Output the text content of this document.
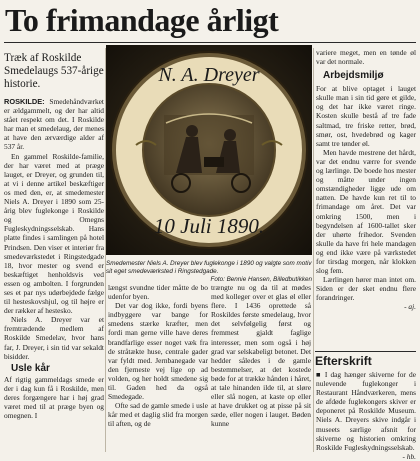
To frimandage årligt
Træk af Roskilde Smedelaugs 537-årige historie.

ROSKILDE: Smedehåndværket er ældgammelt, og der har altid stået respekt om det. I Roskilde har man et smedelaug, der menes at have den ærværdige alder af 537 år.

En gammel Roskilde-familie, der har været med at præge lauget, er Dreyer, og grunden til, at vi i denne artikel beskæftiger os med den, er, at smedemester Niels A. Dreyer i 1890 som 25-årig blev fuglekonge i Roskilde og Omegns Fugleskydningsselskab. Hans platte findes i samlingen på hotel Prindsen. Den viser et interiør fra smedeværkstedet i Ringstedgade 18, hvor mester og svend er beskæftiget henholdsvis ved essen og ambolten. I forgrunden ses et par nys udørbejdede fælge til hesteskovshjul, og til højre er der rækker af hestesko.

Niels A. Dreyer var et fremtrædende medlem af Roskilde Smedelav, hvor hans far, J. Dreyer, i sin tid var sekaldt bisidder.

Usle kår

Af rigtig gammeldags smede er der i dag kun få i Roskilde, men deres forgængere har i høj grad været med til at præge byen og omegnen. I

N. A. Dreyer
10 Juli 1890.
Smedemester Niels A. Dreyer blev fuglekonge i 1890 og valgte som motiv sit eget smedeværksted i Ringstedgade.
Foto: Bennie Hansen, Billedbutikken

længst svundne tider måtte de bo udenfor byen.

Det var dog ikke, fordi byens indbyggere var bange for smedens stærke kræfter, men fordi man gerne ville have deres brandfarlige esser noget væk fra de stråtækte huse, centrale gader var fyldt med. Jernbanegade var den fjerneste vej lige op ad volden, og her holdt smedene sig til. Gaden hed da også Smedegade.

Ofte sad de gamle smede i usle kår med et daglig slid fra morgen til aften, og de

trængte nu og da til at mødes med kolleger over et glas øl eller flere. I 1436 oprettede så Roskildes første smedelaug, hvor det selvfølgelig først og fremmest gjaldt faglige interesser, men som også i høj grad var selskabeligt betonet. Det hedder således i de gamle bestemmelser, at det kostede bøde for at trække hånden i håret, at tale hinanden ilde til, at sløre eller slå nogen, at kaste op eller at have drukket og at pisse på sit sæde, eller nogen i lauget. Bøden kunne

variere meget, men en tønde øl var det normale.

Arbejdsmiljø

For at blive optaget i lauget skulle man i sin tid gøre et gilde, og det har ikke været ringe. Kosten skulle bestå af tre fade saltmad, tre friske retter, brød, smør, ost, hvedebrød og kager samt tre tønder øl.

Men havde mestrene det hårdt, var det endnu værre for svende og lærlinge. De boede hos mester og måtte under ingen omstændigheder ligge ude om natten. De havde kun ret til to frimandage om året. Det var omkring 1500, men i begyndelsen af 1600-tallet sker der uhørte frihedor. Svenden skulle da have fri hele mandagen og end ikke være på værkstedet for tirsdag morgen, når klokken slog fem.

Lærlingen hører man intet om. Siden er der sket endnu flere forandringer.

- aj.

Efterskrift

■ I dag hænger skiverne for de nulevende fuglekonger i Restaurant Håndværkeren, mens de afdøde fuglekongers skiver er deponeret på Roskilde Museum. Niels A. Dreyers skive indgår i museets særlige afsnit for skiverne og historien omkring Roskilde Fugleskydningsselskab.

- hb.
